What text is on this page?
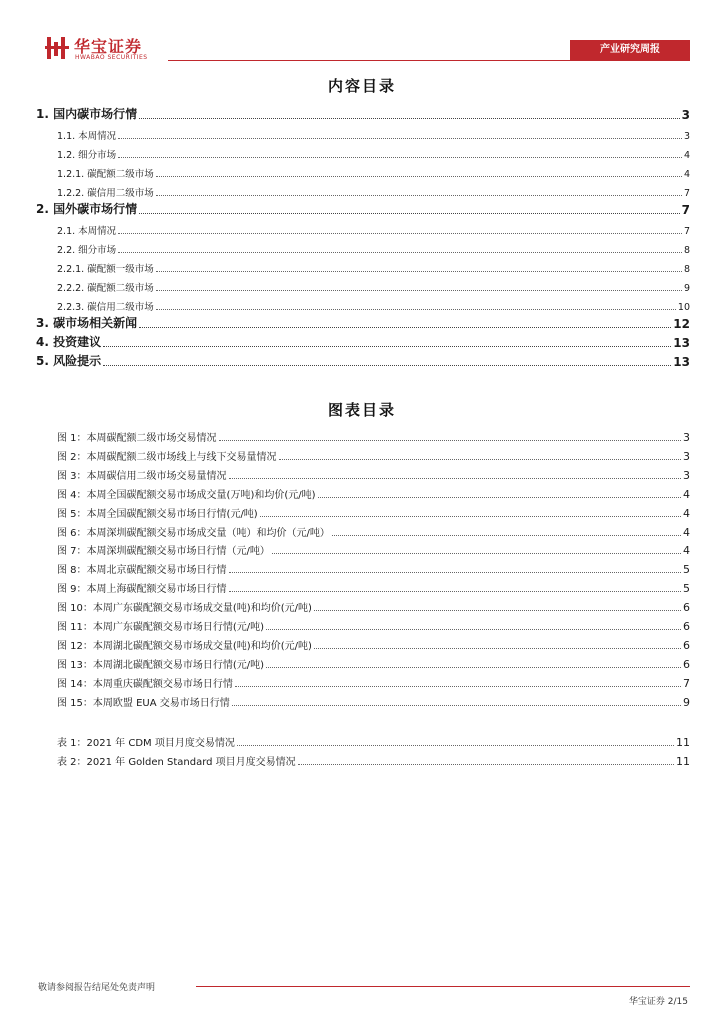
华宝证券
HWABAO SECURITIES
产业研究周报
内容目录
1. 国内碳市场行情	3
1.1. 本周情况	3
1.2. 细分市场	4
1.2.1. 碳配额二级市场	4
1.2.2. 碳信用二级市场	7
2. 国外碳市场行情	7
2.1. 本周情况	7
2.2. 细分市场	8
2.2.1. 碳配额一级市场	8
2.2.2. 碳配额二级市场	9
2.2.3. 碳信用二级市场	10
3. 碳市场相关新闻	12
4. 投资建议	13
5. 风险提示	13
图表目录
图 1：本周碳配额二级市场交易情况	3
图 2：本周碳配额二级市场线上与线下交易量情况	3
图 3：本周碳信用二级市场交易量情况	3
图 4：本周全国碳配额交易市场成交量(万吨)和均价(元/吨)	4
图 5：本周全国碳配额交易市场日行情(元/吨)	4
图 6：本周深圳碳配额交易市场成交量（吨）和均价（元/吨）	4
图 7：本周深圳碳配额交易市场日行情（元/吨）	4
图 8：本周北京碳配额交易市场日行情	5
图 9：本周上海碳配额交易市场日行情	5
图 10：本周广东碳配额交易市场成交量(吨)和均价(元/吨)	6
图 11：本周广东碳配额交易市场日行情(元/吨)	6
图 12：本周湖北碳配额交易市场成交量(吨)和均价(元/吨)	6
图 13：本周湖北碳配额交易市场日行情(元/吨)	6
图 14：本周重庆碳配额交易市场日行情	7
图 15：本周欧盟 EUA 交易市场日行情	9
表 1：2021 年 CDM 项目月度交易情况	11
表 2：2021 年 Golden Standard 项目月度交易情况	11
敬请参阅报告结尾处免责声明
华宝证券 2/15
